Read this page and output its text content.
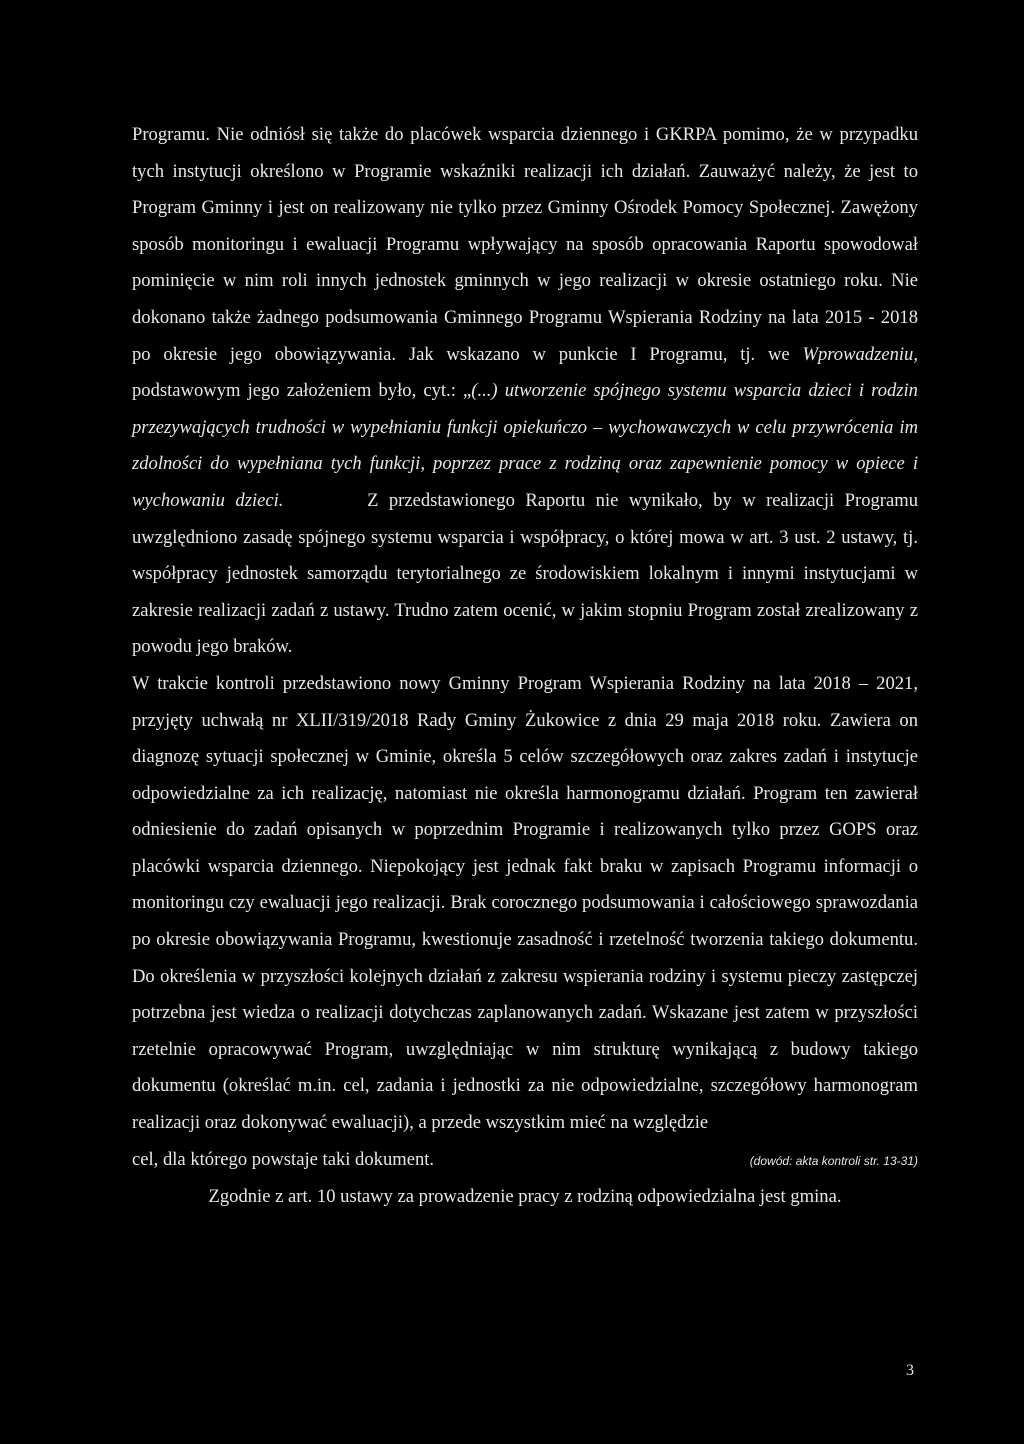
Programu. Nie odniósł się także do placówek wsparcia dziennego i GKRPA pomimo, że w przypadku tych instytucji określono w Programie wskaźniki realizacji ich działań. Zauważyć należy, że jest to Program Gminny i jest on realizowany nie tylko przez Gminny Ośrodek Pomocy Społecznej. Zawężony sposób monitoringu i ewaluacji Programu wpływający na sposób opracowania Raportu spowodował pominięcie w nim roli innych jednostek gminnych w jego realizacji w okresie ostatniego roku. Nie dokonano także żadnego podsumowania Gminnego Programu Wspierania Rodziny na lata 2015 - 2018 po okresie jego obowiązywania. Jak wskazano w punkcie I Programu, tj. we Wprowadzeniu, podstawowym jego założeniem było, cyt.: „(...) utworzenie spójnego systemu wsparcia dzieci i rodzin przezywających trudności w wypełnianiu funkcji opiekuńczo – wychowawczych w celu przywrócenia im zdolności do wypełniana tych funkcji, poprzez prace z rodziną oraz zapewnienie pomocy w opiece i wychowaniu dzieci.        Z przedstawionego Raportu nie wynikało, by w realizacji Programu uwzględniono zasadę spójnego systemu wsparcia i współpracy, o której mowa w art. 3 ust. 2 ustawy, tj. współpracy jednostek samorządu terytorialnego ze środowiskiem lokalnym i innymi instytucjami w zakresie realizacji zadań z ustawy. Trudno zatem ocenić, w jakim stopniu Program został zrealizowany z powodu jego braków.

W trakcie kontroli przedstawiono nowy Gminny Program Wspierania Rodziny na lata 2018 – 2021, przyjęty uchwałą nr XLII/319/2018 Rady Gminy Żukowice z dnia 29 maja 2018 roku. Zawiera on diagnozę sytuacji społecznej w Gminie, określa 5 celów szczegółowych oraz zakres zadań i instytucje odpowiedzialne za ich realizację, natomiast nie określa harmonogramu działań. Program ten zawierał odniesienie do zadań opisanych w poprzednim Programie i realizowanych tylko przez GOPS oraz placówki wsparcia dziennego. Niepokojący jest jednak fakt braku w zapisach Programu informacji o monitoringu czy ewaluacji jego realizacji. Brak corocznego podsumowania i całościowego sprawozdania po okresie obowiązywania Programu, kwestionuje zasadność i rzetelność tworzenia takiego dokumentu. Do określenia w przyszłości kolejnych działań z zakresu wspierania rodziny i systemu pieczy zastępczej potrzebna jest wiedza o realizacji dotychczas zaplanowanych zadań. Wskazane jest zatem w przyszłości rzetelnie opracowywać Program, uwzględniając w nim strukturę wynikającą z budowy takiego dokumentu (określać m.in. cel, zadania i jednostki za nie odpowiedzialne, szczegółowy harmonogram realizacji oraz dokonywać ewaluacji), a przede wszystkim mieć na względzie

cel, dla którego powstaje taki dokument.	(dowód: akta kontroli str. 13-31)

Zgodnie z art. 10 ustawy za prowadzenie pracy z rodziną odpowiedzialna jest gmina.

3
